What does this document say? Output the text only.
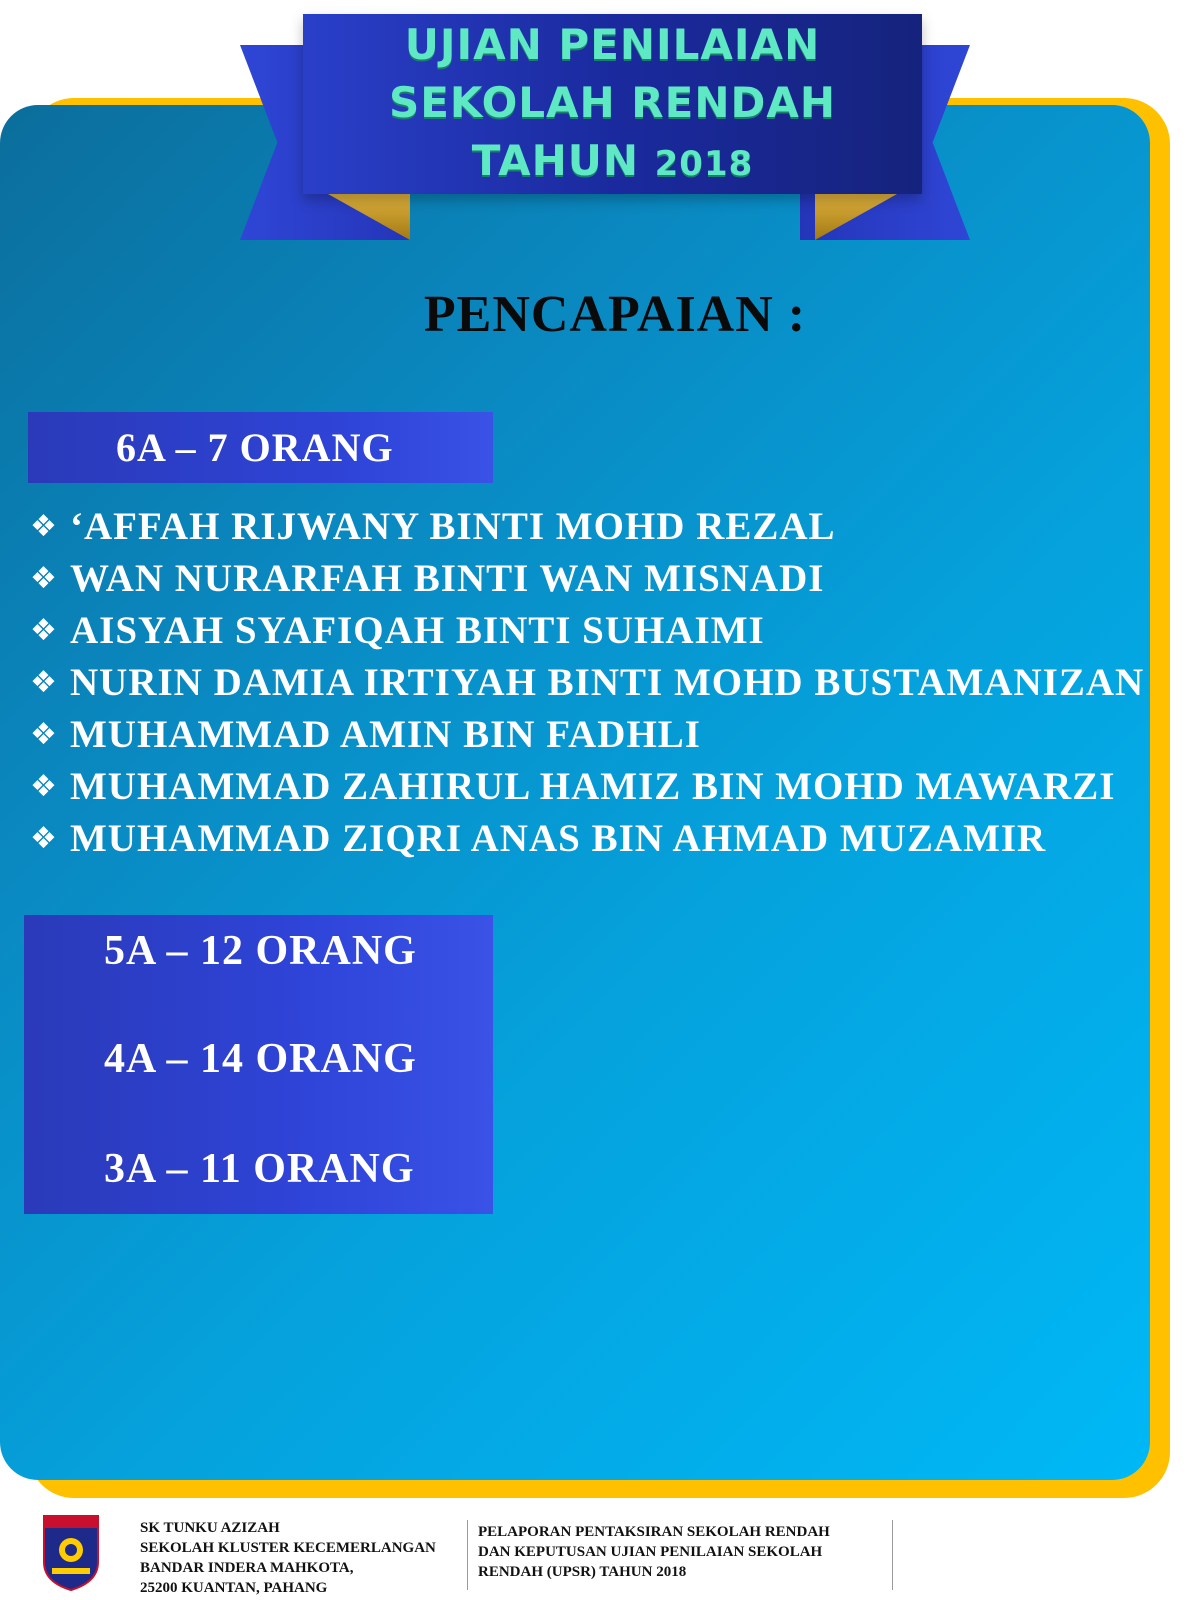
UJIAN PENILAIAN
SEKOLAH RENDAH
TAHUN 2018
PENCAPAIAN :
6A – 7 ORANG
❖ ‘AFFAH RIJWANY BINTI MOHD REZAL
❖ WAN NURARFAH BINTI WAN MISNADI
❖ AISYAH SYAFIQAH BINTI SUHAIMI
❖ NURIN DAMIA IRTIYAH BINTI MOHD BUSTAMANIZAN
❖ MUHAMMAD AMIN BIN FADHLI
❖ MUHAMMAD ZAHIRUL HAMIZ BIN MOHD MAWARZI
❖ MUHAMMAD ZIQRI ANAS BIN AHMAD MUZAMIR
5A – 12 ORANG
4A – 14 ORANG
3A – 11 ORANG
SK TUNKU AZIZAH
SEKOLAH KLUSTER KECEMERLANGAN
BANDAR INDERA MAHKOTA,
25200 KUANTAN, PAHANG
PELAPORAN PENTAKSIRAN SEKOLAH RENDAH
DAN KEPUTUSAN UJIAN PENILAIAN SEKOLAH
RENDAH (UPSR) TAHUN 2018
